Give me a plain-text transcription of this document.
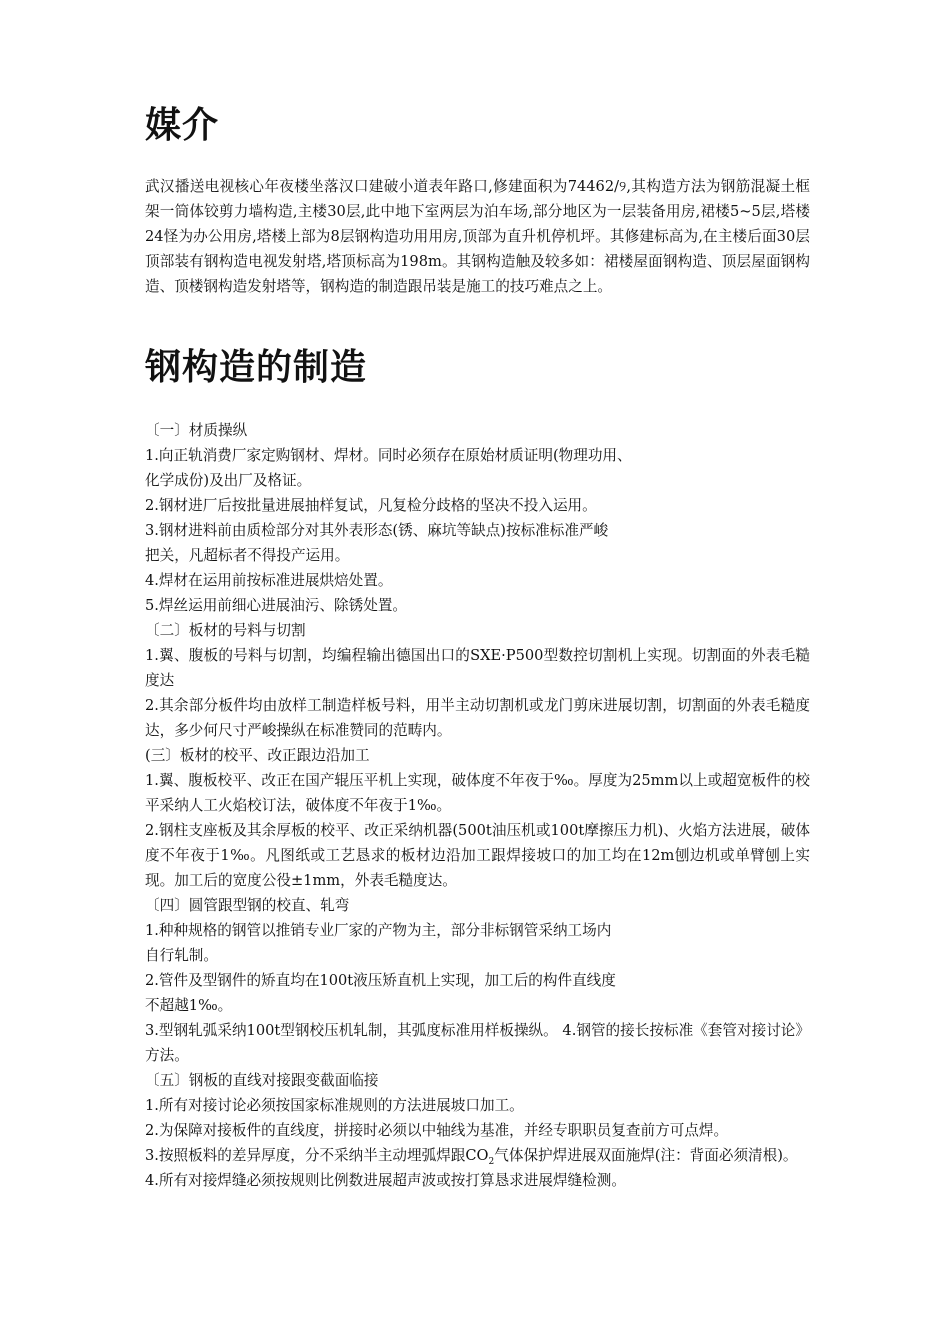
媒介

武汉播送电视核心年夜楼坐落汉口建破小道表年路口,修建面积为74462/୨,其构造方法为钢筋混凝土框架一筒体铰剪力墙构造,主楼30层,此中地下室两层为泊车场,部分地区为一层装备用房,裙楼5~5层,塔楼24怪为办公用房,塔楼上部为8层钢构造功用用房,顶部为直升机停机坪。其修建标高为,在主楼后面30层顶部装有钢构造电视发射塔,塔顶标高为198m。其钢构造触及较多如：裙楼屋面钢构造、顶层屋面钢构造、顶楼钢构造发射塔等，钢构造的制造跟吊装是施工的技巧难点之上。

钢构造的制造
〔一〕材质操纵
1.向正轨消费厂家定购钢材、焊材。同时必须存在原始材质证明(物理功用、
化学成份)及出厂及格证。
2.钢材进厂后按批量进展抽样复试，凡复检分歧格的坚决不投入运用。
3.钢材进料前由质检部分对其外表形态(锈、麻坑等缺点)按标准标准严峻
把关，凡超标者不得投产运用。
4.焊材在运用前按标准进展烘焙处置。
5.焊丝运用前细心进展油污、除锈处置。
〔二〕板材的号料与切割
1.翼、腹板的号料与切割，均编程输出德国出口的SXE·P500型数控切割机上实现。切割面的外表毛糙度达
2.其余部分板件均由放样工制造样板号料，用半主动切割机或龙门剪床进展切割，切割面的外表毛糙度达，多少何尺寸严峻操纵在标准赞同的范畴内。
(三〕板材的校平、改正跟边沿加工
1.翼、腹板校平、改正在国产辊压平机上实现，破体度不年夜于‰。厚度为25mm以上或超宽板件的校平采纳人工火焰校订法，破体度不年夜于1‰。
2.钢柱支座板及其余厚板的校平、改正采纳机器(500t油压机或100t摩擦压力机)、火焰方法进展，破体度不年夜于1‰。凡图纸或工艺恳求的板材边沿加工跟焊接坡口的加工均在12m刨边机或单臂刨上实现。加工后的宽度公役±1mm，外表毛糙度达。
〔四〕圆管跟型钢的校直、轧弯
1.种种规格的钢管以推销专业厂家的产物为主，部分非标钢管采纳工场内
自行轧制。
2.管件及型钢件的矫直均在100t液压矫直机上实现，加工后的构件直线度
不超越1‰。
3.型钢轧弧采纳100t型钢校压机轧制，其弧度标准用样板操纵。 4.钢管的接长按标准《套管对接讨论》方法。
〔五〕钢板的直线对接跟变截面临接
1.所有对接讨论必须按国家标准规则的方法进展坡口加工。
2.为保障对接板件的直线度，拼接时必须以中轴线为基准，并经专职职员复查前方可点焊。
3.按照板料的差异厚度，分不采纳半主动埋弧焊跟$CO_2$气体保护焊进展双面施焊(注：背面必须清根)。
4.所有对接焊缝必须按规则比例数进展超声波或按打算恳求进展焊缝检测。
